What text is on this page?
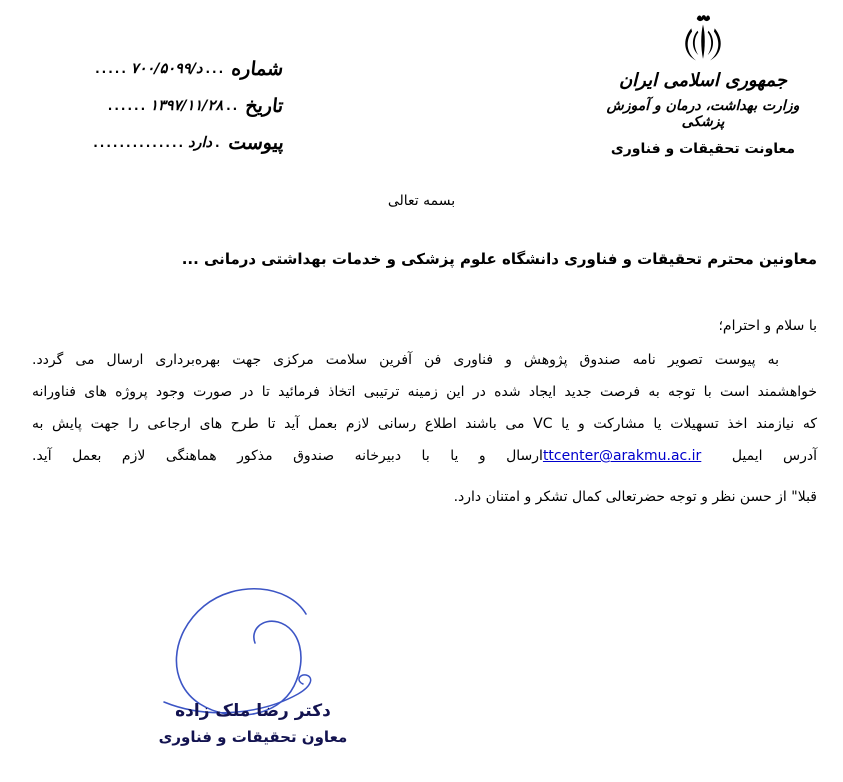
شماره
...
د/۷۰۰/۵۰۹۹
.....
تاریخ
..
۱۳۹۷/۱۱/۲۸
......
پیوست
.
دارد
..............
جمهوری اسلامی ایران
وزارت بهداشت، درمان و آموزش پزشکی
معاونت تحقیقات و فناوری
بسمه تعالی
معاونین محترم تحقیقات و فناوری دانشگاه علوم پزشکی و خدمات بهداشتی درمانی ...
با سلام و احترام؛
به پیوست تصویر نامه صندوق پژوهش و فناوری فن آفرین سلامت مرکزی جهت بهره‌برداری ارسال می گردد.
خواهشمند است با توجه به فرصت جدید ایجاد شده در این زمینه ترتیبی اتخاذ فرمائید تا در صورت وجود پروژه های فناورانه
که نیازمند اخذ تسهیلات یا مشارکت و یا VC می باشند اطلاع رسانی لازم بعمل آید تا طرح های ارجاعی را جهت پایش به
آدرس ایمیل ttcenter@arakmu.ac.irارسال و یا با دبیرخانه صندوق مذکور هماهنگی لازم بعمل آید.
قبلا" از حسن نظر و توجه حضرتعالی کمال تشکر و امتنان دارد.
دکتر رضا ملک زاده
معاون تحقیقات و فناوری
